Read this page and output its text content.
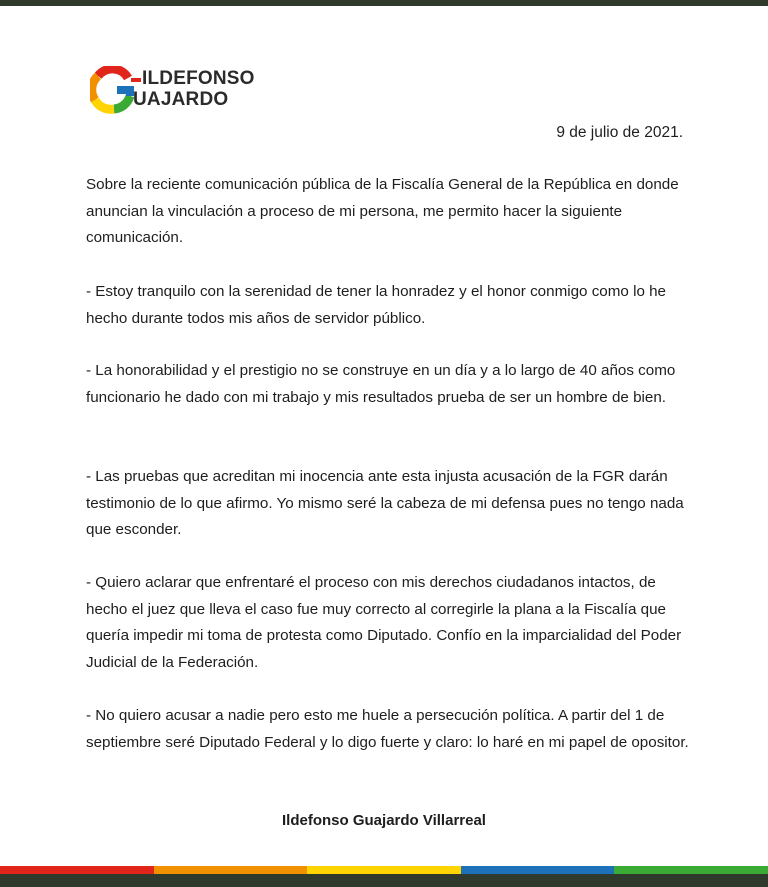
ILDEFONSO
UAJARDO
9 de julio de 2021.

Sobre la reciente comunicación pública de la Fiscalía General de la República en donde anuncian la vinculación a proceso de mi persona, me permito hacer la siguiente comunicación.

- Estoy tranquilo con la serenidad de tener la honradez y el honor conmigo como lo he hecho durante todos mis años de servidor público.

- La honorabilidad y el prestigio no se construye en un día y a lo largo de 40 años como funcionario he dado con mi trabajo y mis resultados prueba de ser un hombre de bien.

- Las pruebas que acreditan mi inocencia ante esta injusta acusación de la FGR darán testimonio de lo que afirmo. Yo mismo seré la cabeza de mi defensa pues no tengo nada que esconder.

- Quiero aclarar que enfrentaré el proceso con mis derechos ciudadanos intactos, de hecho el juez que lleva el caso fue muy correcto al corregirle la plana a la Fiscalía que quería impedir mi toma de protesta como Diputado. Confío en la imparcialidad del Poder Judicial de la Federación.

- No quiero acusar a nadie pero esto me huele a persecución política. A partir del 1 de septiembre seré Diputado Federal y lo digo fuerte y claro: lo haré en mi papel de opositor.

Ildefonso Guajardo Villarreal
